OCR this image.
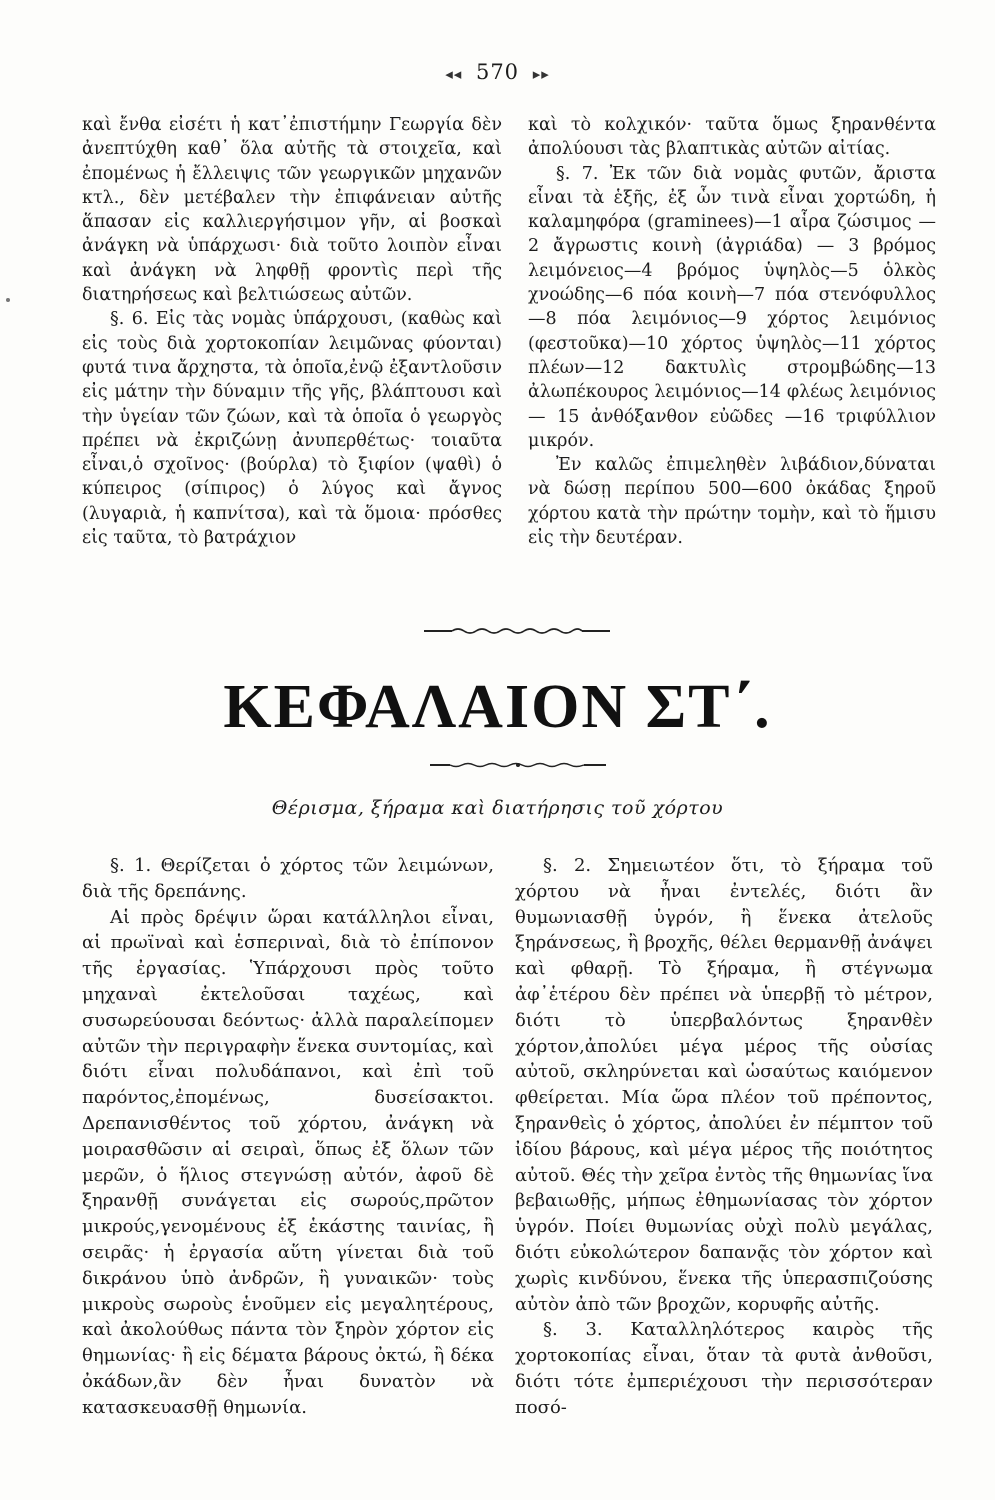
◂◂ 570 ▸▸

καὶ ἔνθα εἰσέτι ἡ κατ᾽ἐπιστήμην Γεωργία δὲν ἀνεπτύχθη καθ᾽ ὅλα αὐτῆς τὰ στοιχεῖα, καὶ ἐπομένως ἡ ἔλλειψις τῶν γεωργικῶν μηχανῶν κτλ., δὲν μετέβαλεν τὴν ἐπιφάνειαν αὐτῆς ἅπασαν εἰς καλλιεργήσιμον γῆν, αἱ βοσκαὶ ἀνάγκη νὰ ὑπάρχωσι· διὰ τοῦτο λοιπὸν εἶναι καὶ ἀνάγκη νὰ ληφθῇ φροντὶς περὶ τῆς διατηρήσεως καὶ βελτιώσεως αὐτῶν.

§. 6. Εἰς τὰς νομὰς ὑπάρχουσι, (καθὼς καὶ εἰς τοὺς διὰ χορτοκοπίαν λειμῶνας φύονται) φυτά τινα ἄρχηστα, τὰ ὁποῖα,ἐνῷ ἐξαντλοῦσιν εἰς μάτην τὴν δύναμιν τῆς γῆς, βλάπτουσι καὶ τὴν ὑγείαν τῶν ζώων, καὶ τὰ ὁποῖα ὁ γεωργὸς πρέπει νὰ ἐκριζώνῃ ἀνυπερθέτως· τοιαῦτα εἶναι,ὁ σχοῖνος· (βούρλα) τὸ ξιφίον (ψαθὶ) ὁ κύπειρος (σίπιρος) ὁ λύγος καὶ ἄγνος (λυγαριὰ, ἡ καπνίτσα), καὶ τὰ ὅμοια· πρόσθες εἰς ταῦτα, τὸ βατράχιον

καὶ τὸ κολχικόν· ταῦτα ὅμως ξηρανθέντα ἀπολύουσι τὰς βλαπτικὰς αὐτῶν αἰτίας.

§. 7. Ἐκ τῶν διὰ νομὰς φυτῶν, ἄριστα εἶναι τὰ ἑξῆς, ἐξ ὧν τινὰ εἶναι χορτώδη, ἡ καλαμηφόρα (graminees)—1 αἷρα ζώσιμος — 2 ἄγρωστις κοινὴ (ἀγριάδα) — 3 βρόμος λειμόνειος—4 βρόμος ὑψηλὸς—5 ὁλκὸς χνοώδης—6 πόα κοινὴ—7 πόα στενόφυλλος—8 πόα λειμόνιος—9 χόρτος λειμόνιος (φεστοῦκα)—10 χόρτος ὑψηλὸς—11 χόρτος πλέων—12 δακτυλὶς στρομβώδης—13 ἀλωπέκουρος λειμόνιος—14 φλέως λειμόνιος — 15 ἀνθόξανθον εὐῶδες —16 τριφύλλιον μικρόν.

Ἐν καλῶς ἐπιμεληθὲν λιβάδιον,δύναται νὰ δώσῃ περίπου 500—600 ὀκάδας ξηροῦ χόρτου κατὰ τὴν πρώτην τομὴν, καὶ τὸ ἥμισυ εἰς τὴν δευτέραν.

ΚΕΦΑΛΑΙΟΝ ΣΤ΄.
Θέρισμα, ξήραμα καὶ διατήρησις τοῦ χόρτου

§. 1. Θερίζεται ὁ χόρτος τῶν λειμώνων, διὰ τῆς δρεπάνης.

Αἱ πρὸς δρέψιν ὥραι κατάλληλοι εἶναι, αἱ πρωϊναὶ καὶ ἑσπεριναὶ, διὰ τὸ ἐπίπονον τῆς ἐργασίας. Ὑπάρχουσι πρὸς τοῦτο μηχαναὶ ἐκτελοῦσαι ταχέως, καὶ συσωρεύουσαι δεόντως· ἀλλὰ παραλείπομεν αὐτῶν τὴν περιγραφὴν ἕνεκα συντομίας, καὶ διότι εἶναι πολυδάπανοι, καὶ ἐπὶ τοῦ παρόντος,ἐπομένως, δυσείσακτοι. Δρεπανισθέντος τοῦ χόρτου, ἀνάγκη νὰ μοιρασθῶσιν αἱ σειραὶ, ὅπως ἐξ ὅλων τῶν μερῶν, ὁ ἥλιος στεγνώσῃ αὐτόν, ἀφοῦ δὲ ξηρανθῇ συνάγεται εἰς σωρούς,πρῶτον μικρούς,γενομένους ἐξ ἑκάστης ταινίας, ἢ σειρᾶς· ἡ ἐργασία αὕτη γίνεται διὰ τοῦ δικράνου ὑπὸ ἀνδρῶν, ἢ γυναικῶν· τοὺς μικροὺς σωροὺς ἑνοῦμεν εἰς μεγαλητέρους, καὶ ἀκολούθως πάντα τὸν ξηρὸν χόρτον εἰς θημωνίας· ἢ εἰς δέματα βάρους ὀκτώ, ἢ δέκα ὀκάδων,ἂν δὲν ἦναι δυνατὸν νὰ κατασκευασθῇ θημωνία.

§. 2. Σημειωτέον ὅτι, τὸ ξήραμα τοῦ χόρτου νὰ ἦναι ἐντελές, διότι ἂν θυμωνιασθῇ ὑγρόν, ἢ ἕνεκα ἀτελοῦς ξηράνσεως, ἢ βροχῆς, θέλει θερμανθῇ ἀνάψει καὶ φθαρῇ. Τὸ ξήραμα, ἢ στέγνωμα ἀφ᾽ἑτέρου δὲν πρέπει νὰ ὑπερβῇ τὸ μέτρον, διότι τὸ ὑπερβαλόντως ξηρανθὲν χόρτον,ἀπολύει μέγα μέρος τῆς οὐσίας αὐτοῦ, σκληρύνεται καὶ ὡσαύτως καιόμενον φθείρεται. Μία ὥρα πλέον τοῦ πρέποντος, ξηρανθεὶς ὁ χόρτος, ἀπολύει ἐν πέμπτον τοῦ ἰδίου βάρους, καὶ μέγα μέρος τῆς ποιότητος αὐτοῦ. Θές τὴν χεῖρα ἐντὸς τῆς θημωνίας ἵνα βεβαιωθῇς, μήπως ἐθημωνίασας τὸν χόρτον ὑγρόν. Ποίει θυμωνίας οὐχὶ πολὺ μεγάλας, διότι εὐκολώτερον δαπανᾷς τὸν χόρτον καὶ χωρὶς κινδύνου, ἕνεκα τῆς ὑπερασπιζούσης αὐτὸν ἀπὸ τῶν βροχῶν, κορυφῆς αὐτῆς.

§. 3. Καταλληλότερος καιρὸς τῆς χορτοκοπίας εἶναι, ὅταν τὰ φυτὰ ἀνθοῦσι, διότι τότε ἐμπεριέχουσι τὴν περισσότεραν ποσό-
